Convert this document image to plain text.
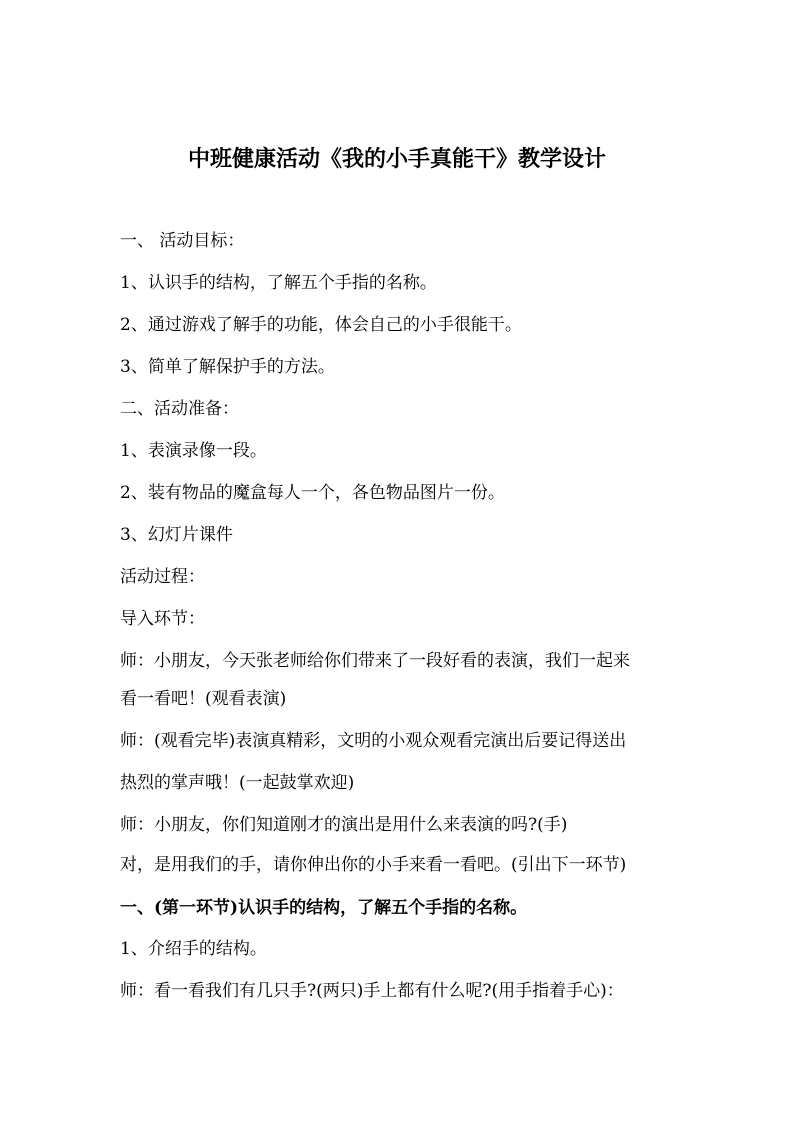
中班健康活动《我的小手真能干》教学设计
一、 活动目标：
1、认识手的结构，了解五个手指的名称。
2、通过游戏了解手的功能，体会自己的小手很能干。
3、简单了解保护手的方法。
二、活动准备：
1、表演录像一段。
2、装有物品的魔盒每人一个，各色物品图片一份。
3、幻灯片课件
活动过程：
导入环节：
师：小朋友，今天张老师给你们带来了一段好看的表演，我们一起来
看一看吧！(观看表演)
师：(观看完毕)表演真精彩，文明的小观众观看完演出后要记得送出
热烈的掌声哦！(一起鼓掌欢迎)
师：小朋友，你们知道刚才的演出是用什么来表演的吗?(手)
对，是用我们的手，请你伸出你的小手来看一看吧。(引出下一环节)
一、(第一环节)认识手的结构，了解五个手指的名称。
1、介绍手的结构。
师：看一看我们有几只手?(两只)手上都有什么呢?(用手指着手心)：
